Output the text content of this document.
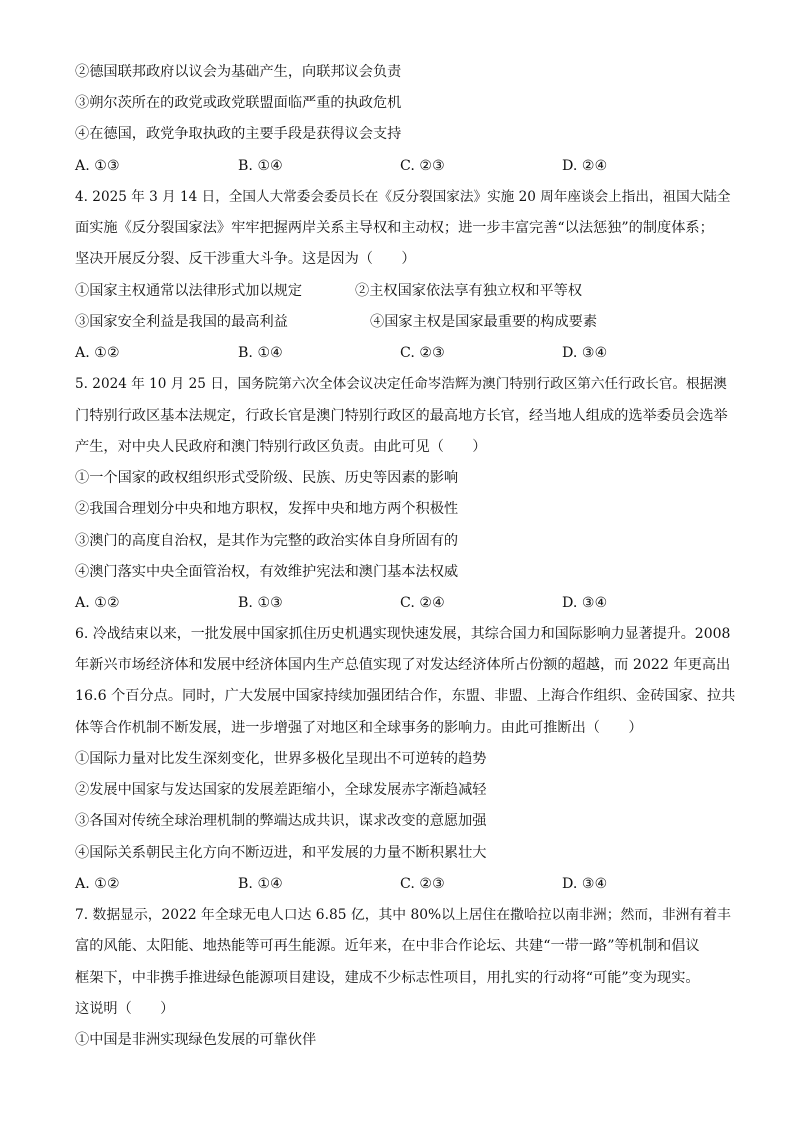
②德国联邦政府以议会为基础产生，向联邦议会负责
③朔尔茨所在的政党或政党联盟面临严重的执政危机
④在德国，政党争取执政的主要手段是获得议会支持
A. ①③	B. ①④	C. ②③	D. ②④
4. 2025 年 3 月 14 日，全国人大常委会委员长在《反分裂国家法》实施 20 周年座谈会上指出，祖国大陆全
面实施《反分裂国家法》牢牢把握两岸关系主导权和主动权；进一步丰富完善“以法惩独”的制度体系；
坚决开展反分裂、反干涉重大斗争。这是因为（　　）
①国家主权通常以法律形式加以规定	②主权国家依法享有独立权和平等权
③国家安全利益是我国的最高利益	④国家主权是国家最重要的构成要素
A. ①②	B. ①④	C. ②③	D. ③④
5. 2024 年 10 月 25 日，国务院第六次全体会议决定任命岑浩辉为澳门特别行政区第六任行政长官。根据澳
门特别行政区基本法规定，行政长官是澳门特别行政区的最高地方长官，经当地人组成的选举委员会选举
产生，对中央人民政府和澳门特别行政区负责。由此可见（　　）
①一个国家的政权组织形式受阶级、民族、历史等因素的影响
②我国合理划分中央和地方职权，发挥中央和地方两个积极性
③澳门的高度自治权，是其作为完整的政治实体自身所固有的
④澳门落实中央全面管治权，有效维护宪法和澳门基本法权威
A. ①②	B. ①③	C. ②④	D. ③④
6. 冷战结束以来，一批发展中国家抓住历史机遇实现快速发展，其综合国力和国际影响力显著提升。2008
年新兴市场经济体和发展中经济体国内生产总值实现了对发达经济体所占份额的超越，而 2022 年更高出
16.6 个百分点。同时，广大发展中国家持续加强团结合作，东盟、非盟、上海合作组织、金砖国家、拉共
体等合作机制不断发展，进一步增强了对地区和全球事务的影响力。由此可推断出（　　）
①国际力量对比发生深刻变化，世界多极化呈现出不可逆转的趋势
②发展中国家与发达国家的发展差距缩小，全球发展赤字渐趋减轻
③各国对传统全球治理机制的弊端达成共识，谋求改变的意愿加强
④国际关系朝民主化方向不断迈进，和平发展的力量不断积累壮大
A. ①②	B. ①④	C. ②③	D. ③④
7. 数据显示，2022 年全球无电人口达 6.85 亿，其中 80%以上居住在撒哈拉以南非洲；然而，非洲有着丰
富的风能、太阳能、地热能等可再生能源。近年来，在中非合作论坛、共建“一带一路”等机制和倡议
框架下，中非携手推进绿色能源项目建设，建成不少标志性项目，用扎实的行动将“可能”变为现实。
这说明（　　）
①中国是非洲实现绿色发展的可靠伙伴
